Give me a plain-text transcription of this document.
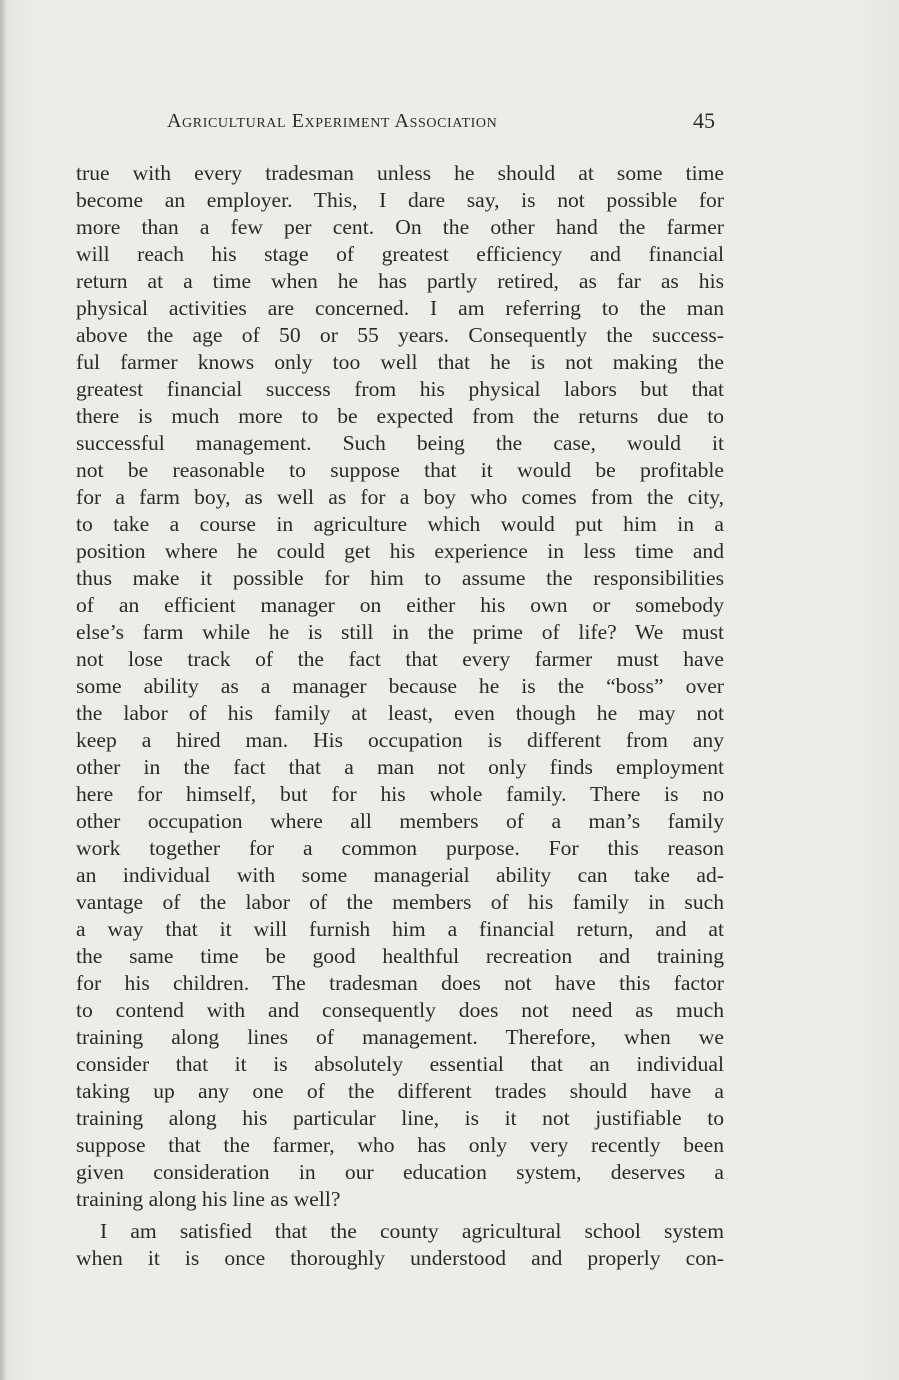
Agricultural Experiment Association	45
true with every tradesman unless he should at some time
become an employer. This, I dare say, is not possible for
more than a few per cent. On the other hand the farmer
will reach his stage of greatest efficiency and financial
return at a time when he has partly retired, as far as his
physical activities are concerned. I am referring to the man
above the age of 50 or 55 years. Consequently the success-
ful farmer knows only too well that he is not making the
greatest financial success from his physical labors but that
there is much more to be expected from the returns due to
successful management. Such being the case, would it
not be reasonable to suppose that it would be profitable
for a farm boy, as well as for a boy who comes from the city,
to take a course in agriculture which would put him in a
position where he could get his experience in less time and
thus make it possible for him to assume the responsibilities
of an efficient manager on either his own or somebody
else’s farm while he is still in the prime of life? We must
not lose track of the fact that every farmer must have
some ability as a manager because he is the “boss” over
the labor of his family at least, even though he may not
keep a hired man. His occupation is different from any
other in the fact that a man not only finds employment
here for himself, but for his whole family. There is no
other occupation where all members of a man’s family
work together for a common purpose. For this reason
an individual with some managerial ability can take ad-
vantage of the labor of the members of his family in such
a way that it will furnish him a financial return, and at
the same time be good healthful recreation and training
for his children. The tradesman does not have this factor
to contend with and consequently does not need as much
training along lines of management. Therefore, when we
consider that it is absolutely essential that an individual
taking up any one of the different trades should have a
training along his particular line, is it not justifiable to
suppose that the farmer, who has only very recently been
given consideration in our education system, deserves a
training along his line as well?
I am satisfied that the county agricultural school system
when it is once thoroughly understood and properly con-
